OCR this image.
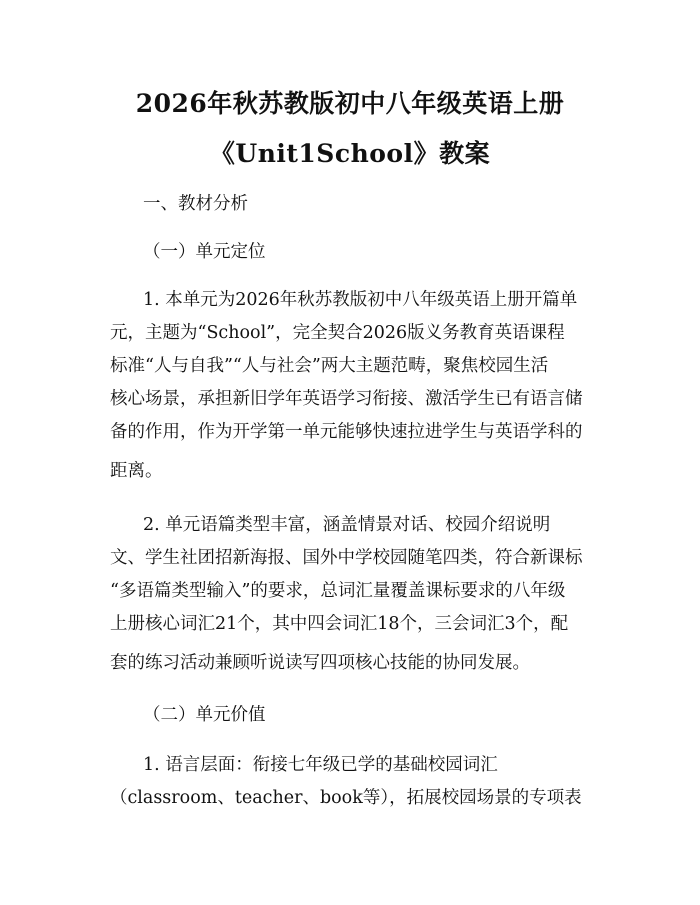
2026年秋苏教版初中八年级英语上册
《Unit1School》教案
一、教材分析
（一）单元定位
1. 本单元为2026年秋苏教版初中八年级英语上册开篇单
元，主题为“School”，完全契合2026版义务教育英语课程
标准“人与自我”“人与社会”两大主题范畴，聚焦校园生活
核心场景，承担新旧学年英语学习衔接、激活学生已有语言储
备的作用，作为开学第一单元能够快速拉进学生与英语学科的
距离。
2. 单元语篇类型丰富，涵盖情景对话、校园介绍说明
文、学生社团招新海报、国外中学校园随笔四类，符合新课标
“多语篇类型输入”的要求，总词汇量覆盖课标要求的八年级
上册核心词汇21个，其中四会词汇18个，三会词汇3个，配
套的练习活动兼顾听说读写四项核心技能的协同发展。
（二）单元价值
1. 语言层面：衔接七年级已学的基础校园词汇
（classroom、teacher、book等），拓展校园场景的专项表
